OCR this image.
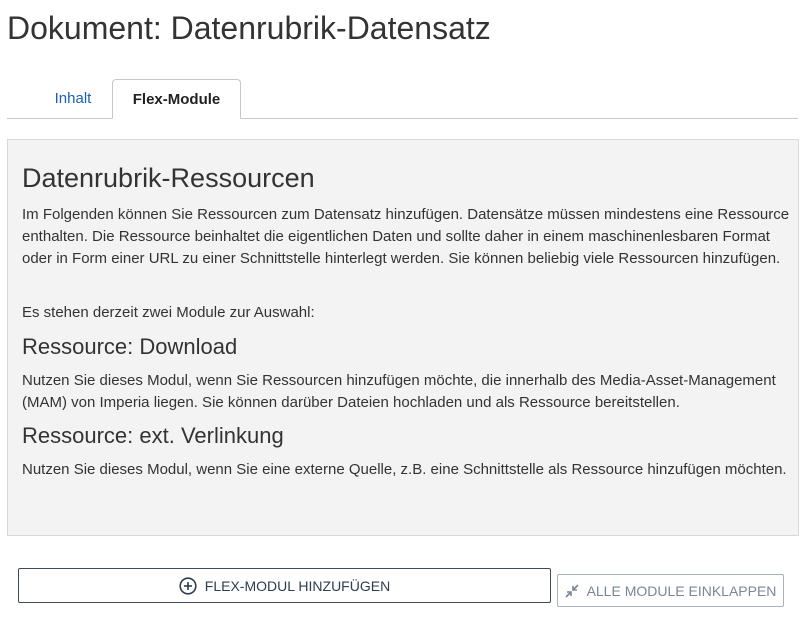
Dokument: Datenrubrik-Datensatz
Inhalt	Flex-Module
Datenrubrik-Ressourcen

Im Folgenden können Sie Ressourcen zum Datensatz hinzufügen. Datensätze müssen mindestens eine Ressource enthalten. Die Ressource beinhaltet die eigentlichen Daten und sollte daher in einem maschinenlesbaren Format oder in Form einer URL zu einer Schnittstelle hinterlegt werden. Sie können beliebig viele Ressourcen hinzufügen.

Es stehen derzeit zwei Module zur Auswahl:

Ressource: Download

Nutzen Sie dieses Modul, wenn Sie Ressourcen hinzufügen möchte, die innerhalb des Media-Asset-Management (MAM) von Imperia liegen. Sie können darüber Dateien hochladen und als Ressource bereitstellen.

Ressource: ext. Verlinkung

Nutzen Sie dieses Modul, wenn Sie eine externe Quelle, z.B. eine Schnittstelle als Ressource hinzufügen möchten.

FLEX-MODUL HINZUFÜGEN	ALLE MODULE EINKLAPPEN
